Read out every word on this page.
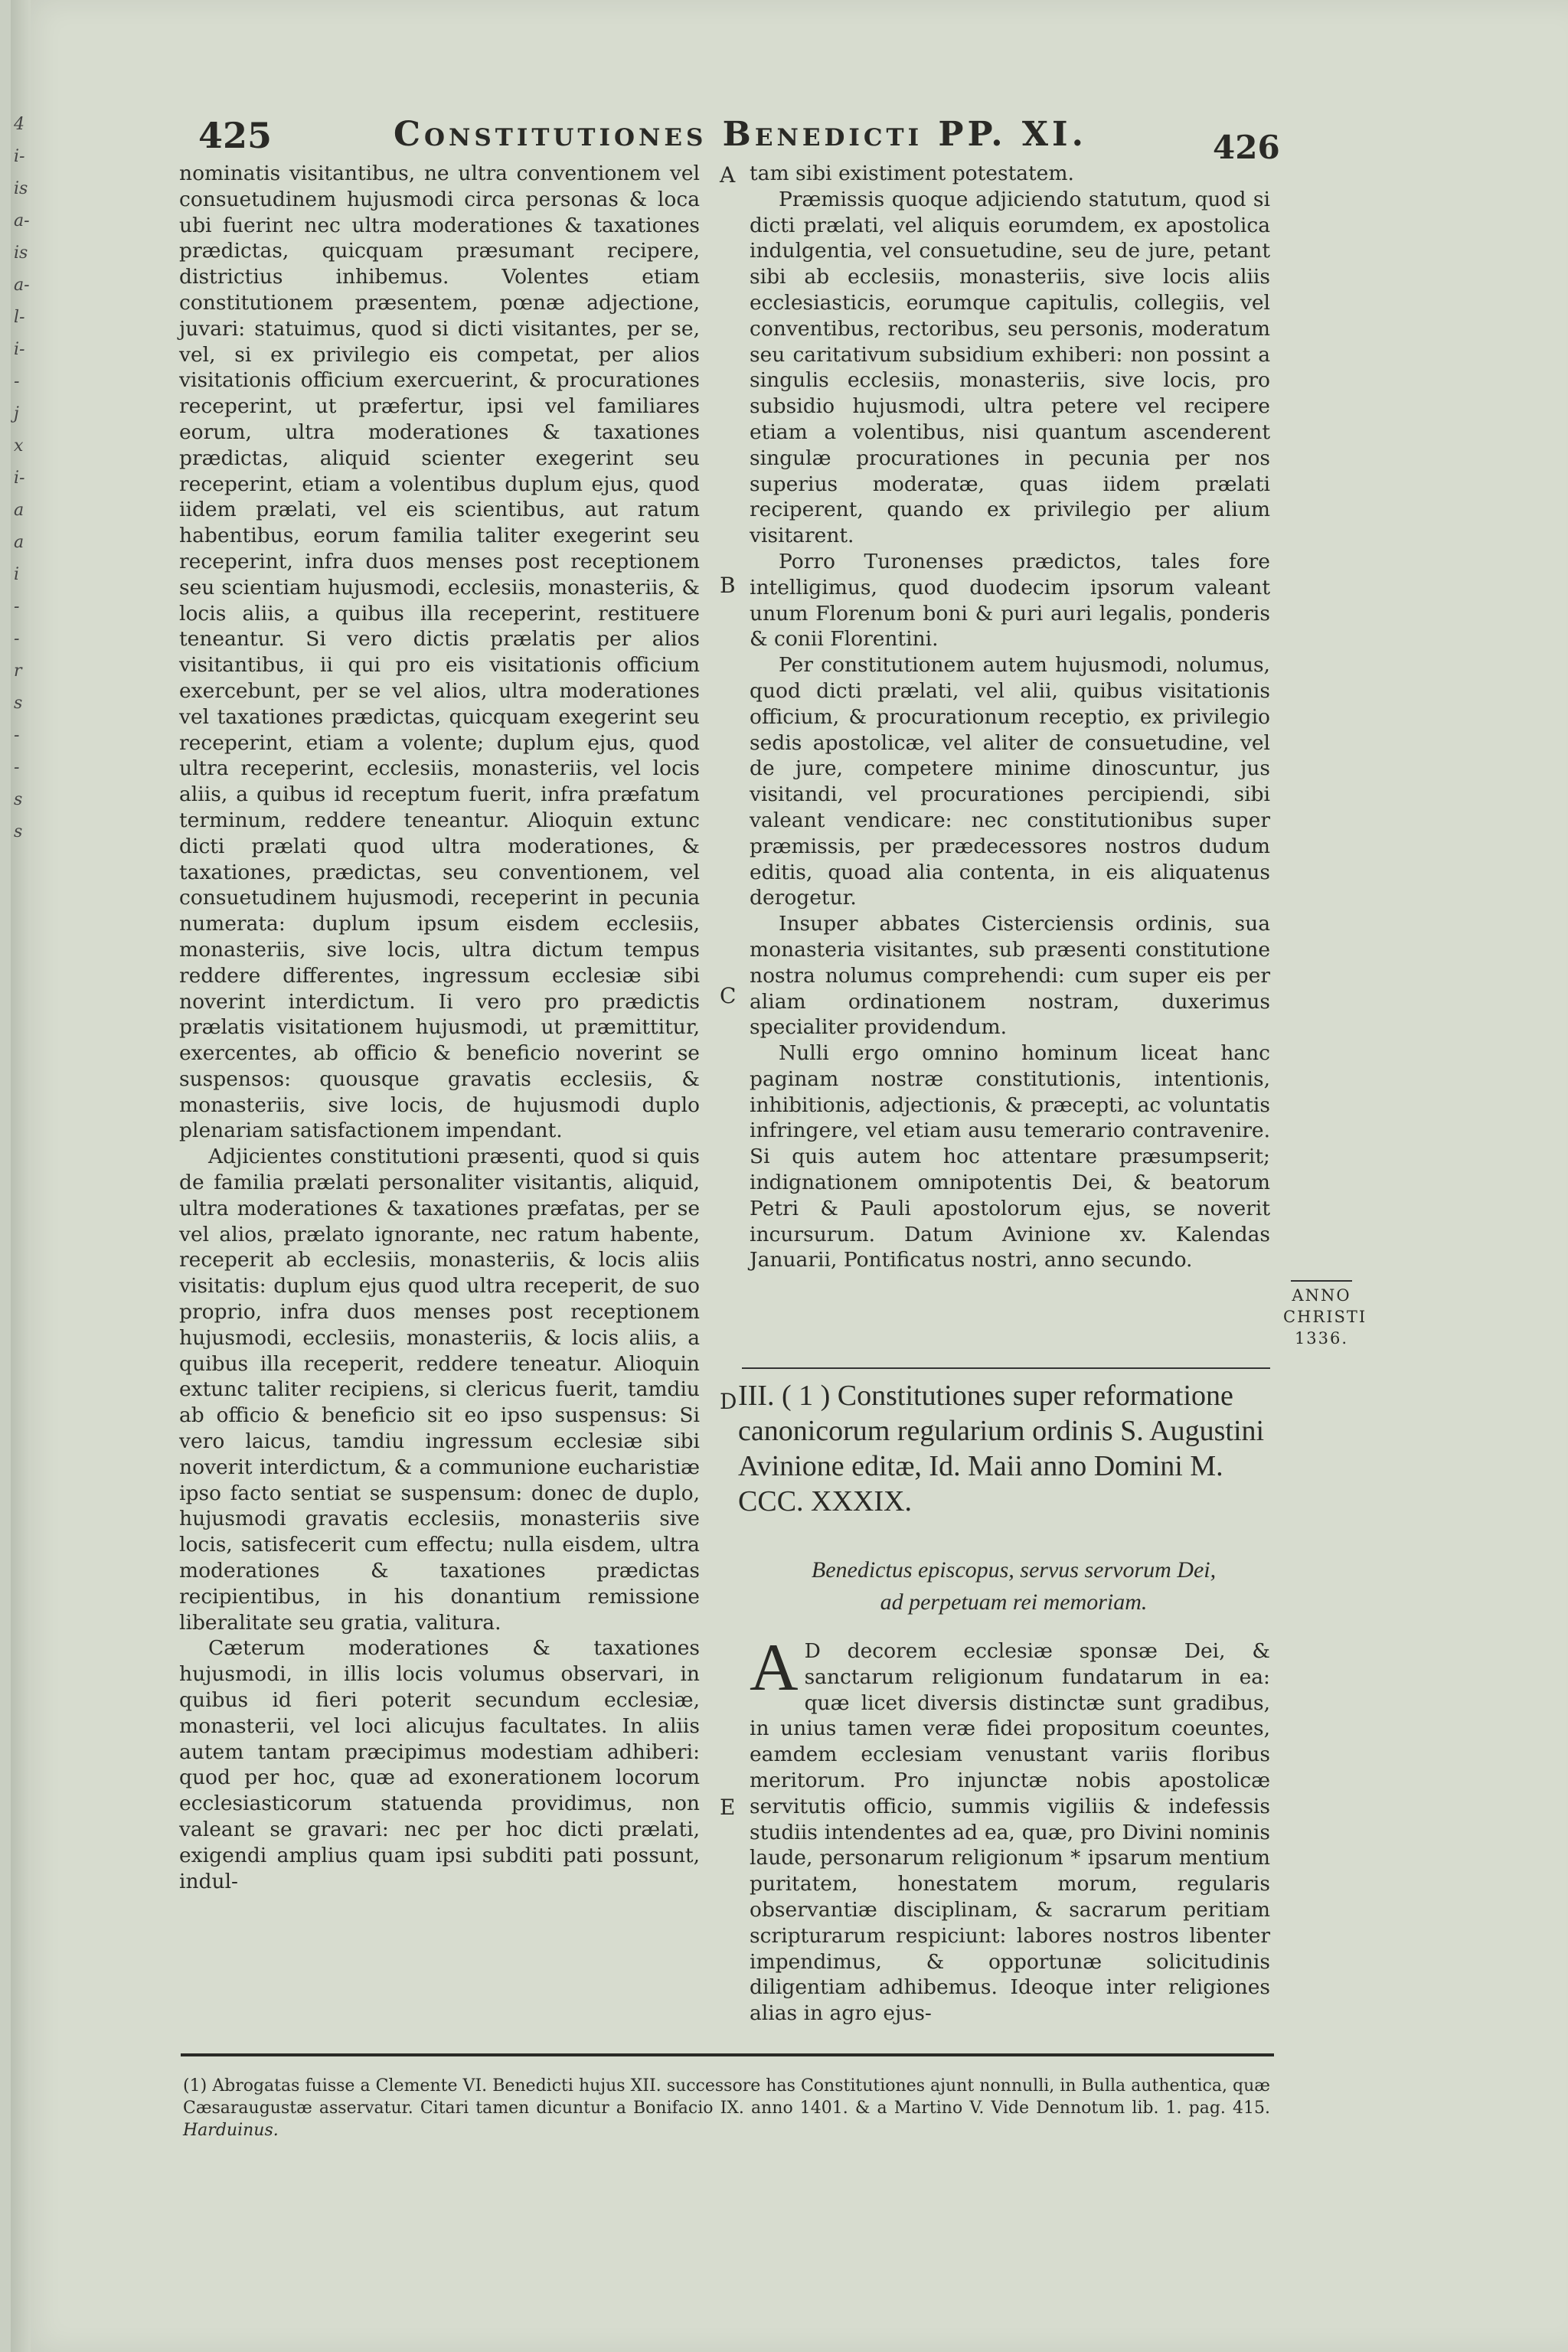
4
i-
is
a-
is
a-
l-
i-
-
j
x
i-
a
a
i
-
-
r
s
-
-
s
s
425	Constitutiones Benedicti PP. XI.	426

nominatis visitantibus, ne ultra conventionem vel consuetudinem hujusmodi circa personas & loca ubi fuerint nec ultra moderationes & taxationes prædictas, quicquam præsumant recipere, districtius inhibemus. Volentes etiam constitutionem præsentem, pœnæ adjectione, juvari: statuimus, quod si dicti visitantes, per se, vel, si ex privilegio eis competat, per alios visitationis officium exercuerint, & procurationes receperint, ut præfertur, ipsi vel familiares eorum, ultra moderationes & taxationes prædictas, aliquid scienter exegerint seu receperint, etiam a volentibus duplum ejus, quod iidem prælati, vel eis scientibus, aut ratum habentibus, eorum familia taliter exegerint seu receperint, infra duos menses post receptionem seu scientiam hujusmodi, ecclesiis, monasteriis, & locis aliis, a quibus illa receperint, restituere teneantur. Si vero dictis prælatis per alios visitantibus, ii qui pro eis visitationis officium exercebunt, per se vel alios, ultra moderationes vel taxationes prædictas, quicquam exegerint seu receperint, etiam a volente; duplum ejus, quod ultra receperint, ecclesiis, monasteriis, vel locis aliis, a quibus id receptum fuerit, infra præfatum terminum, reddere teneantur. Alioquin extunc dicti prælati quod ultra moderationes, & taxationes, prædictas, seu conventionem, vel consuetudinem hujusmodi, receperint in pecunia numerata: duplum ipsum eisdem ecclesiis, monasteriis, sive locis, ultra dictum tempus reddere differentes, ingressum ecclesiæ sibi noverint interdictum. Ii vero pro prædictis prælatis visitationem hujusmodi, ut præmittitur, exercentes, ab officio & beneficio noverint se suspensos: quousque gravatis ecclesiis, & monasteriis, sive locis, de hujusmodi duplo plenariam satisfactionem impendant.

Adjicientes constitutioni præsenti, quod si quis de familia prælati personaliter visitantis, aliquid, ultra moderationes & taxationes præfatas, per se vel alios, prælato ignorante, nec ratum habente, receperit ab ecclesiis, monasteriis, & locis aliis visitatis: duplum ejus quod ultra receperit, de suo proprio, infra duos menses post receptionem hujusmodi, ecclesiis, monasteriis, & locis aliis, a quibus illa receperit, reddere teneatur. Alioquin extunc taliter recipiens, si clericus fuerit, tamdiu ab officio & beneficio sit eo ipso suspensus: Si vero laicus, tamdiu ingressum ecclesiæ sibi noverit interdictum, & a communione eucharistiæ ipso facto sentiat se suspensum: donec de duplo, hujusmodi gravatis ecclesiis, monasteriis sive locis, satisfecerit cum effectu; nulla eisdem, ultra moderationes & taxationes prædictas recipientibus, in his donantium remissione liberalitate seu gratia, valitura.

Cæterum moderationes & taxationes hujusmodi, in illis locis volumus observari, in quibus id fieri poterit secundum ecclesiæ, monasterii, vel loci alicujus facultates. In aliis autem tantam præcipimus modestiam adhiberi: quod per hoc, quæ ad exonerationem locorum ecclesiasticorum statuenda providimus, non valeant se gravari: nec per hoc dicti prælati, exigendi amplius quam ipsi subditi pati possunt, indul-

A
B
C
D
E

tam sibi existiment potestatem.

Præmissis quoque adjiciendo statutum, quod si dicti prælati, vel aliquis eorumdem, ex apostolica indulgentia, vel consuetudine, seu de jure, petant sibi ab ecclesiis, monasteriis, sive locis aliis ecclesiasticis, eorumque capitulis, collegiis, vel conventibus, rectoribus, seu personis, moderatum seu caritativum subsidium exhiberi: non possint a singulis ecclesiis, monasteriis, sive locis, pro subsidio hujusmodi, ultra petere vel recipere etiam a volentibus, nisi quantum ascenderent singulæ procurationes in pecunia per nos superius moderatæ, quas iidem prælati reciperent, quando ex privilegio per alium visitarent.

Porro Turonenses prædictos, tales fore intelligimus, quod duodecim ipsorum valeant unum Florenum boni & puri auri legalis, ponderis & conii Florentini.

Per constitutionem autem hujusmodi, nolumus, quod dicti prælati, vel alii, quibus visitationis officium, & procurationum receptio, ex privilegio sedis apostolicæ, vel aliter de consuetudine, vel de jure, competere minime dinoscuntur, jus visitandi, vel procurationes percipiendi, sibi valeant vendicare: nec constitutionibus super præmissis, per prædecessores nostros dudum editis, quoad alia contenta, in eis aliquatenus derogetur.

Insuper abbates Cisterciensis ordinis, sua monasteria visitantes, sub præsenti constitutione nostra nolumus comprehendi: cum super eis per aliam ordinationem nostram, duxerimus specialiter providendum.

Nulli ergo omnino hominum liceat hanc paginam nostræ constitutionis, intentionis, inhibitionis, adjectionis, & præcepti, ac voluntatis infringere, vel etiam ausu temerario contravenire. Si quis autem hoc attentare præsumpserit; indignationem omnipotentis Dei, & beatorum Petri & Pauli apostolorum ejus, se noverit incursurum. Datum Avinione xv. Kalendas Januarii, Pontificatus nostri, anno secundo.

ANNO
CHRISTI
1336.
III. ( 1 ) Constitutiones super reformatione canonicorum regularium ordinis S. Augustini Avinione editæ, Id. Maii anno Domini M. CCC. XXXIX.
Benedictus episcopus, servus servorum Dei,
ad perpetuam rei memoriam.
A D decorem ecclesiæ sponsæ Dei, & sanctarum religionum fundatarum in ea: quæ licet diversis distinctæ sunt gradibus, in unius tamen veræ fidei propositum coeuntes, eamdem ecclesiam venustant variis floribus meritorum. Pro injunctæ nobis apostolicæ servitutis officio, summis vigiliis & indefessis studiis intendentes ad ea, quæ, pro Divini nominis laude, personarum religionum * ipsarum mentium puritatem, honestatem morum, regularis observantiæ disciplinam, & sacrarum peritiam scripturarum respiciunt: labores nostros libenter impendimus, & opportunæ solicitudinis diligentiam adhibemus. Ideoque inter religiones alias in agro ejus-
(1) Abrogatas fuisse a Clemente VI. Benedicti hujus XII. successore has Constitutiones ajunt nonnulli, in Bulla authentica, quæ Cæsaraugustæ asservatur. Citari tamen dicuntur a Bonifacio IX. anno 1401. & a Martino V. Vide Dennotum lib. 1. pag. 415. Harduinus.
